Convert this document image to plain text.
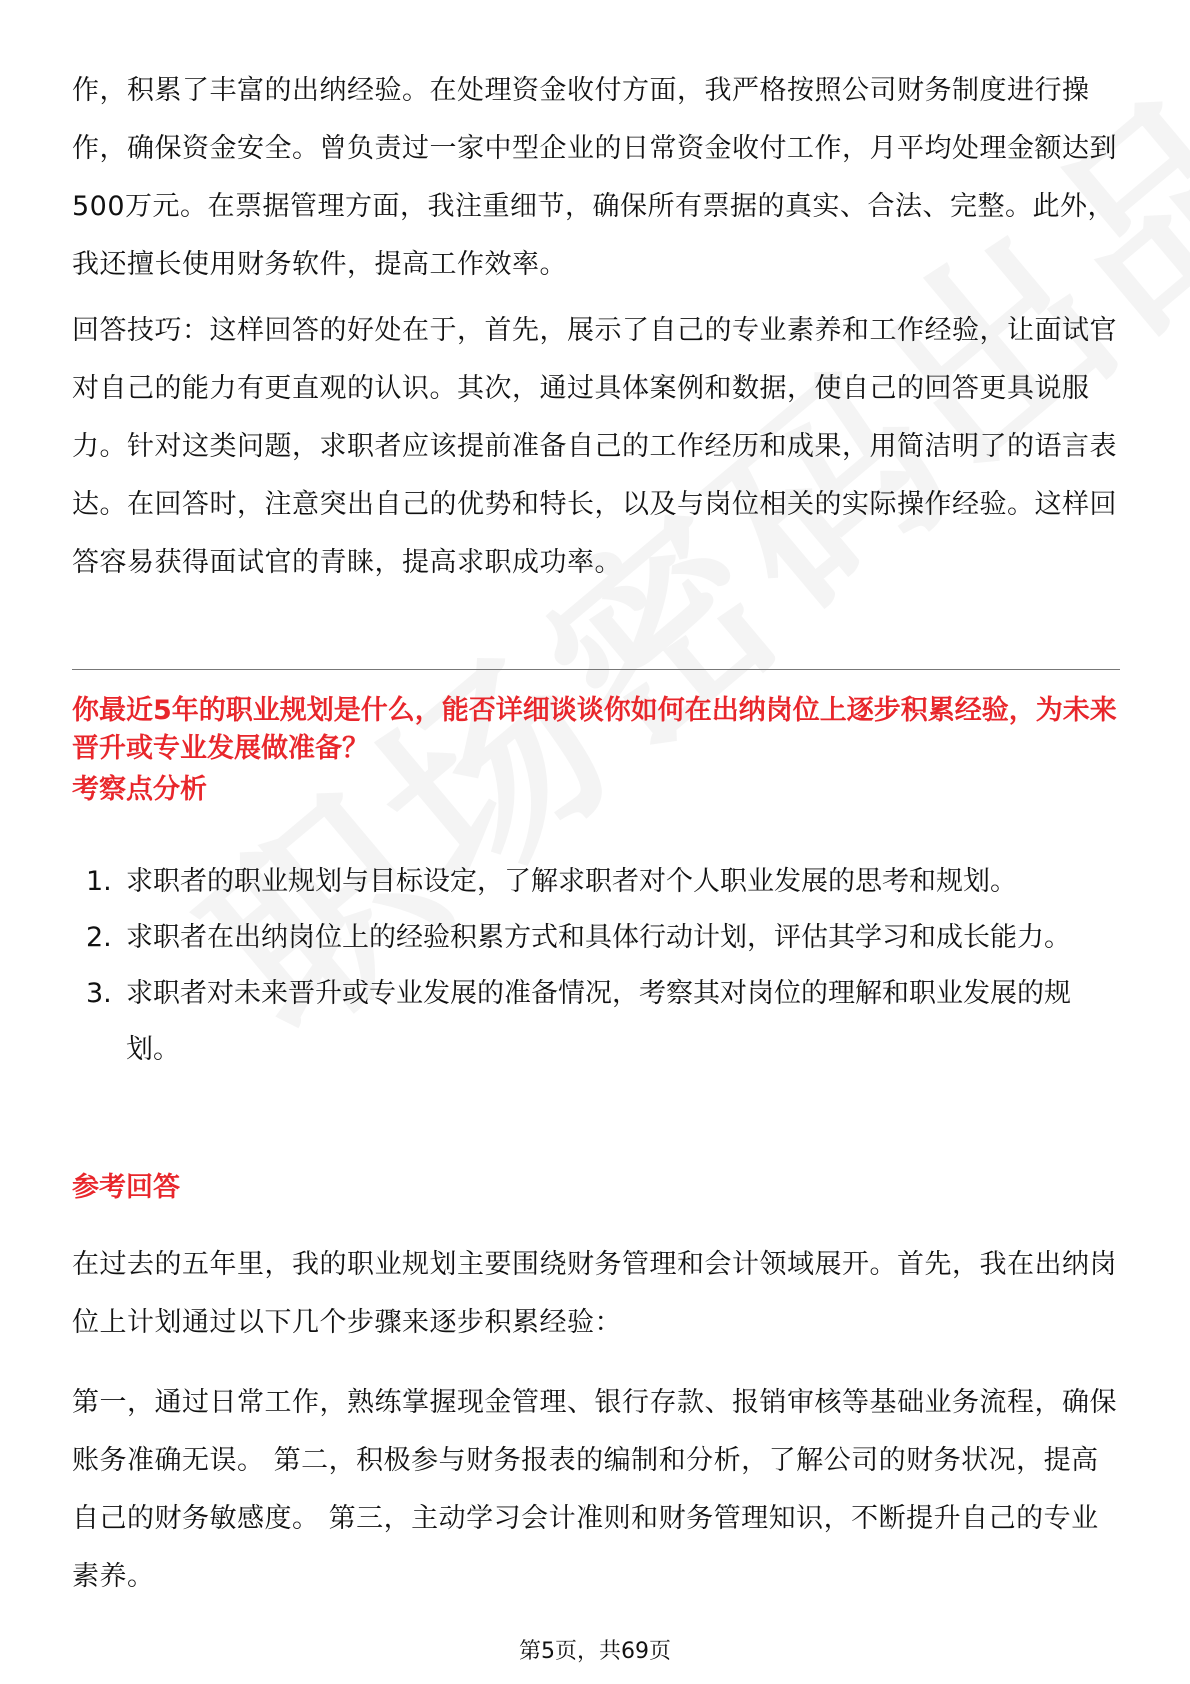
作，积累了丰富的出纳经验。在处理资金收付方面，我严格按照公司财务制度进行操作，确保资金安全。曾负责过一家中型企业的日常资金收付工作，月平均处理金额达到500万元。在票据管理方面，我注重细节，确保所有票据的真实、合法、完整。此外，我还擅长使用财务软件，提高工作效率。
回答技巧：这样回答的好处在于，首先，展示了自己的专业素养和工作经验，让面试官对自己的能力有更直观的认识。其次，通过具体案例和数据，使自己的回答更具说服力。针对这类问题，求职者应该提前准备自己的工作经历和成果，用简洁明了的语言表达。在回答时，注意突出自己的优势和特长，以及与岗位相关的实际操作经验。这样回答容易获得面试官的青睐，提高求职成功率。
你最近5年的职业规划是什么，能否详细谈谈你如何在出纳岗位上逐步积累经验，为未来晋升或专业发展做准备？
考察点分析
1. 求职者的职业规划与目标设定，了解求职者对个人职业发展的思考和规划。
2. 求职者在出纳岗位上的经验积累方式和具体行动计划，评估其学习和成长能力。
3. 求职者对未来晋升或专业发展的准备情况，考察其对岗位的理解和职业发展的规划。
参考回答
在过去的五年里，我的职业规划主要围绕财务管理和会计领域展开。首先，我在出纳岗位上计划通过以下几个步骤来逐步积累经验：
第一，通过日常工作，熟练掌握现金管理、银行存款、报销审核等基础业务流程，确保账务准确无误。 第二，积极参与财务报表的编制和分析，了解公司的财务状况，提高自己的财务敏感度。 第三，主动学习会计准则和财务管理知识，不断提升自己的专业素养。
第5页，共69页
